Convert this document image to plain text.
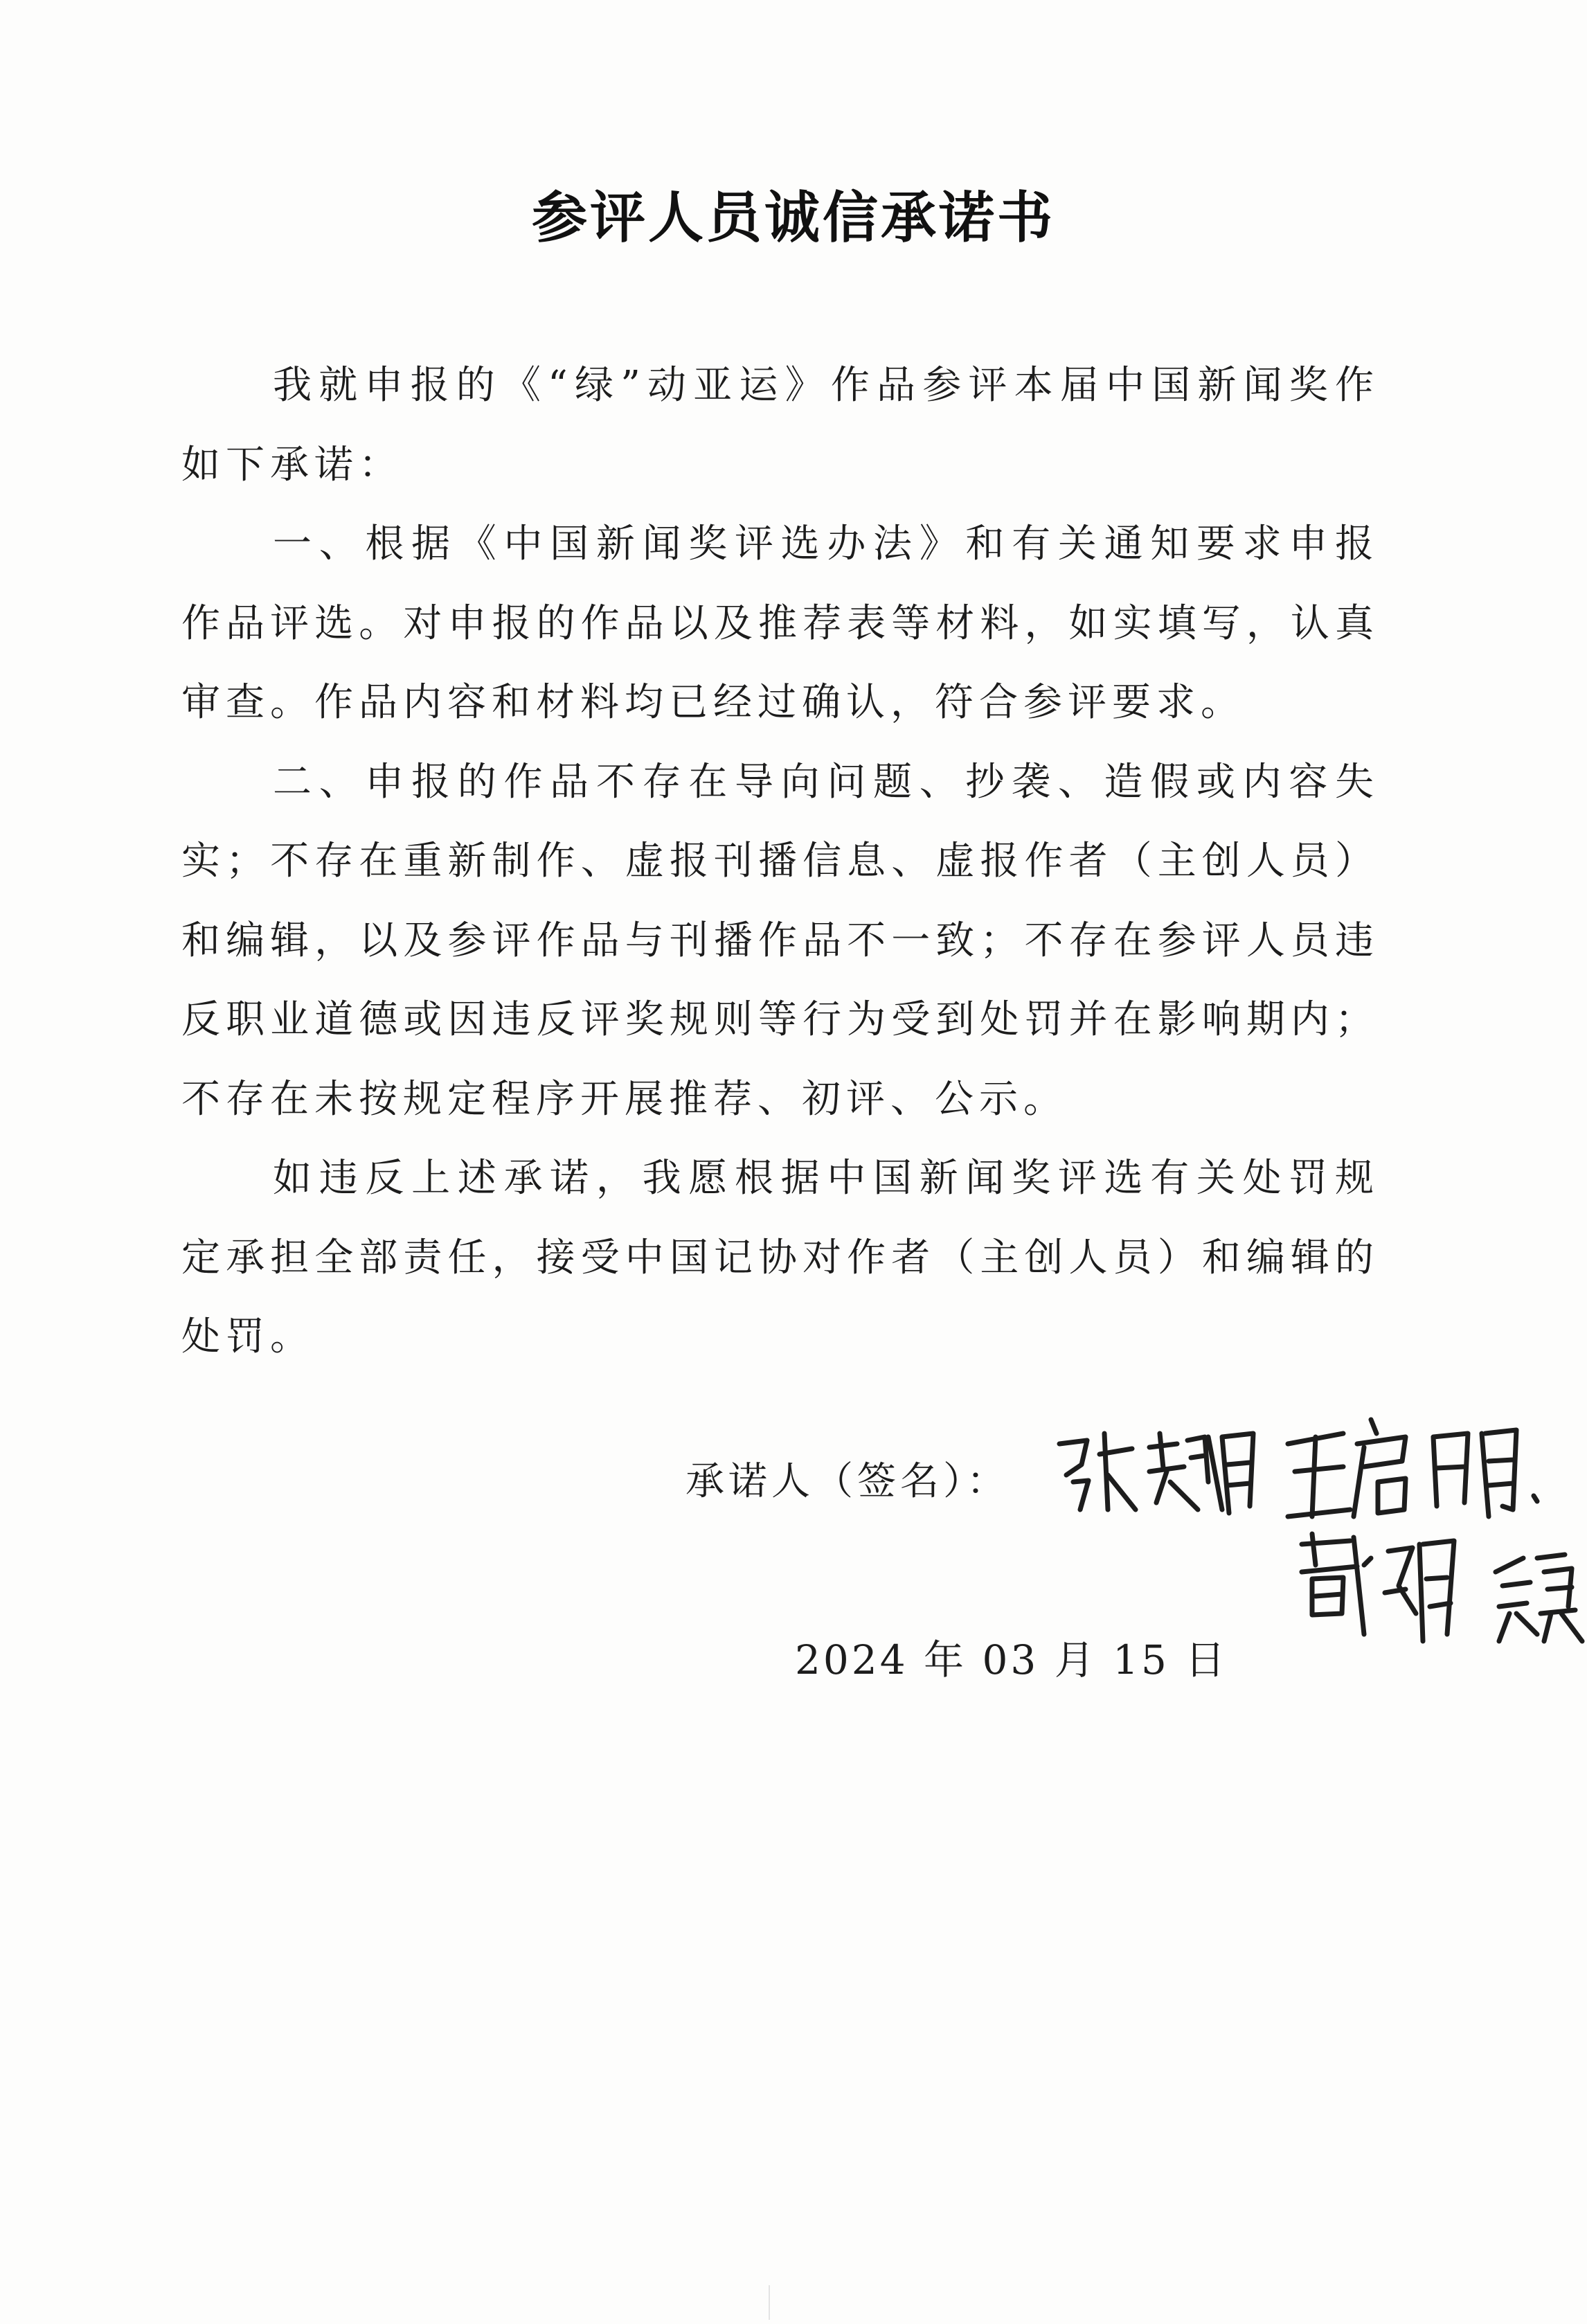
参评人员诚信承诺书

我就申报的《“绿”动亚运》作品参评本届中国新闻奖作如下承诺：

一、根据《中国新闻奖评选办法》和有关通知要求申报作品评选。对申报的作品以及推荐表等材料，如实填写，认真审查。作品内容和材料均已经过确认，符合参评要求。

二、申报的作品不存在导向问题、抄袭、造假或内容失实；不存在重新制作、虚报刊播信息、虚报作者（主创人员）和编辑，以及参评作品与刊播作品不一致；不存在参评人员违反职业道德或因违反评奖规则等行为受到处罚并在影响期内；不存在未按规定程序开展推荐、初评、公示。

如违反上述承诺，我愿根据中国新闻奖评选有关处罚规定承担全部责任，接受中国记协对作者（主创人员）和编辑的处罚。

承诺人（签名）：
2024 年 03 月 15 日
